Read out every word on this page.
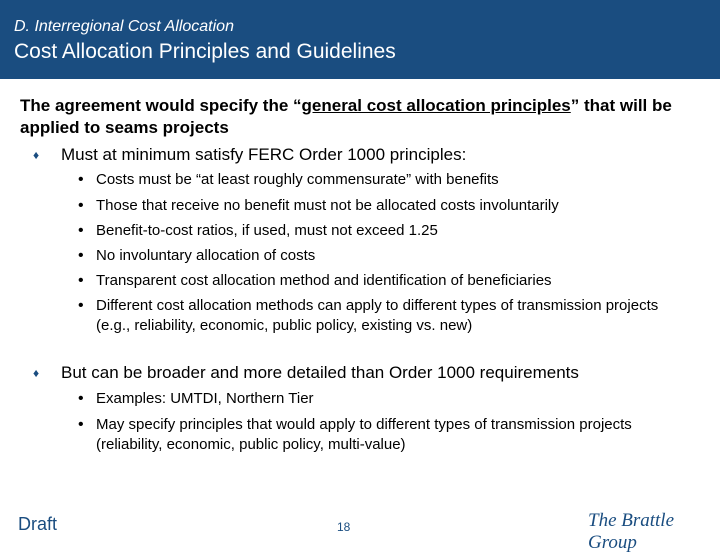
D. Interregional Cost Allocation
Cost Allocation Principles and Guidelines
The agreement would specify the “general cost allocation principles” that will be applied to seams projects
♦ Must at minimum satisfy FERC Order 1000 principles:
• Costs must be “at least roughly commensurate” with benefits
• Those that receive no benefit must not be allocated costs involuntarily
• Benefit-to-cost ratios, if used, must not exceed 1.25
• No involuntary allocation of costs
• Transparent cost allocation method and identification of beneficiaries
• Different cost allocation methods can apply to different types of transmission projects (e.g., reliability, economic, public policy, existing vs. new)
♦ But can be broader and more detailed than Order 1000 requirements
• Examples: UMTDI, Northern Tier
• May specify principles that would apply to different types of transmission projects (reliability, economic, public policy, multi-value)
Draft	18	The Brattle Group
